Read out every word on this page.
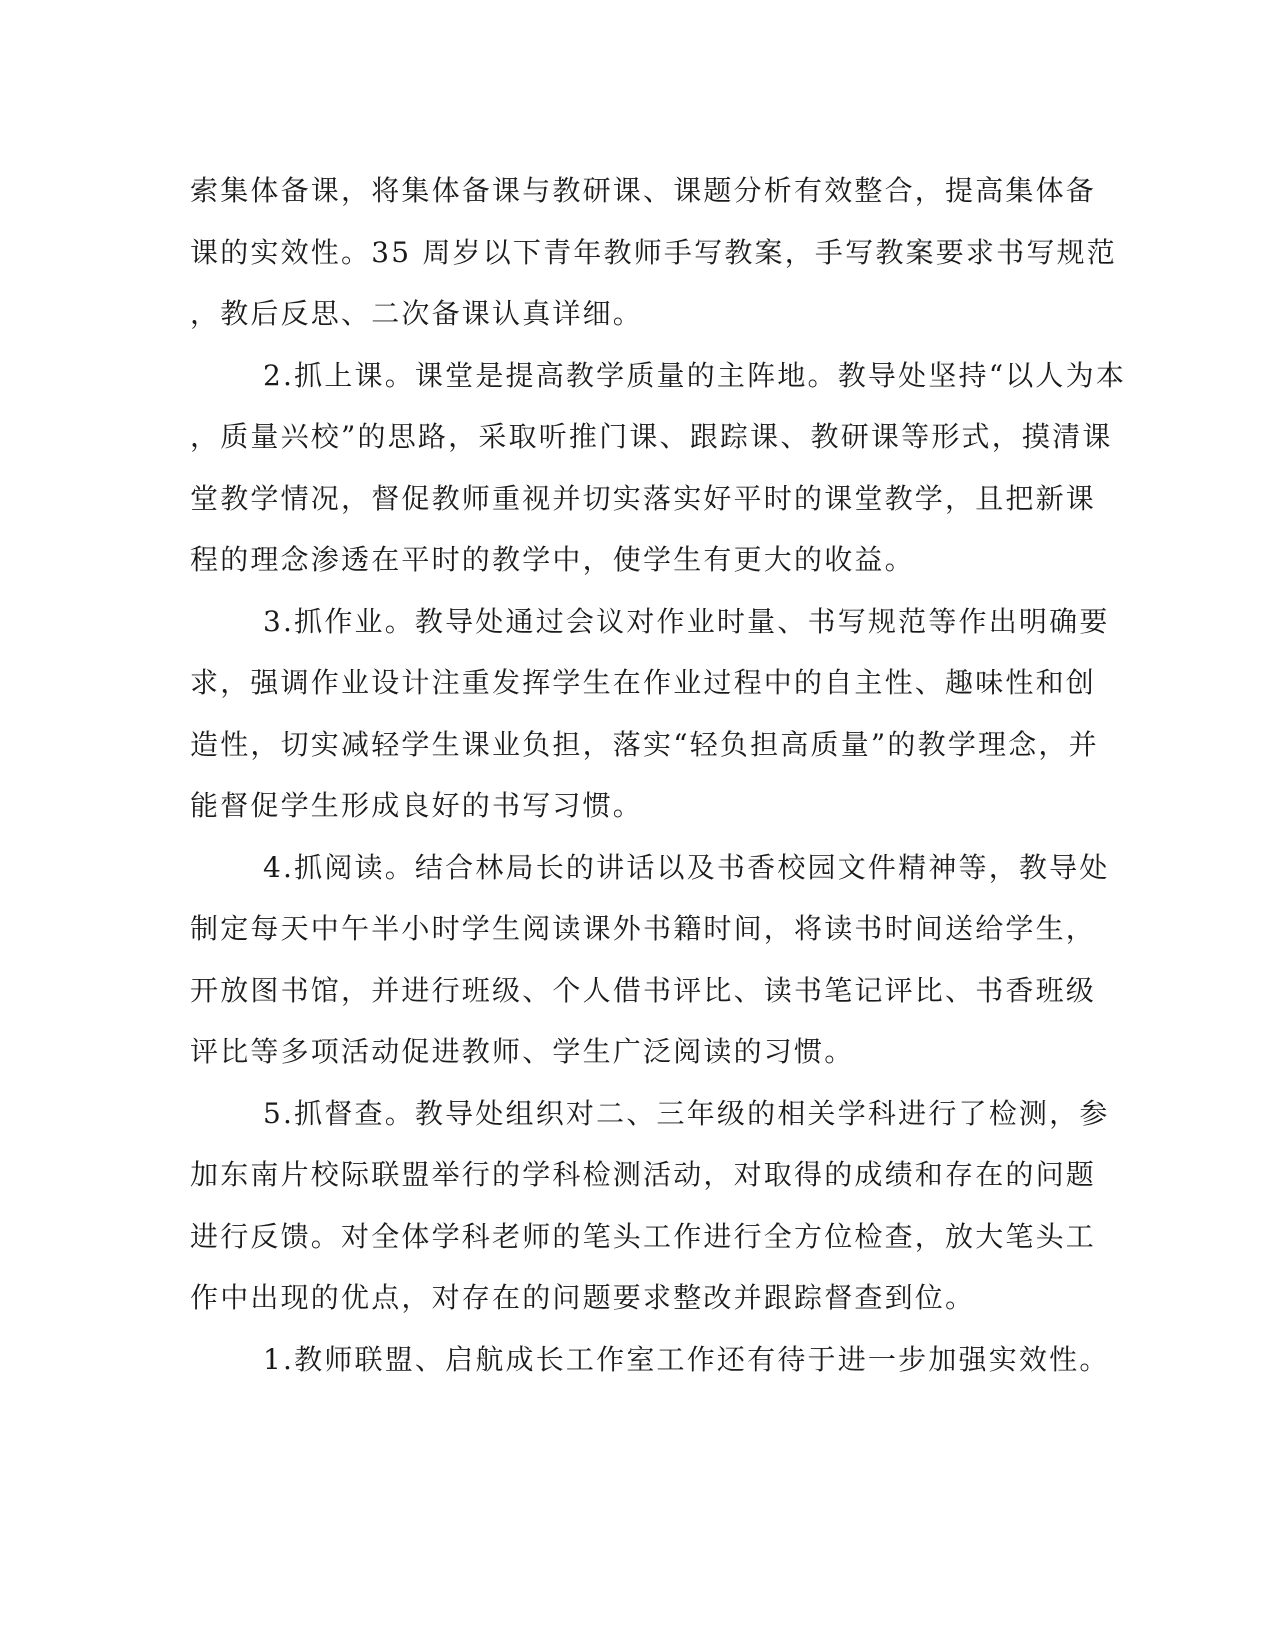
索集体备课，将集体备课与教研课、课题分析有效整合，提高集体备
课的实效性。35 周岁以下青年教师手写教案，手写教案要求书写规范
，教后反思、二次备课认真详细。
2.抓上课。课堂是提高教学质量的主阵地。教导处坚持“以人为本
，质量兴校”的思路，采取听推门课、跟踪课、教研课等形式，摸清课
堂教学情况，督促教师重视并切实落实好平时的课堂教学，且把新课
程的理念渗透在平时的教学中，使学生有更大的收益。
3.抓作业。教导处通过会议对作业时量、书写规范等作出明确要
求，强调作业设计注重发挥学生在作业过程中的自主性、趣味性和创
造性，切实减轻学生课业负担，落实“轻负担高质量”的教学理念，并
能督促学生形成良好的书写习惯。
4.抓阅读。结合林局长的讲话以及书香校园文件精神等，教导处
制定每天中午半小时学生阅读课外书籍时间，将读书时间送给学生，
开放图书馆，并进行班级、个人借书评比、读书笔记评比、书香班级
评比等多项活动促进教师、学生广泛阅读的习惯。
5.抓督查。教导处组织对二、三年级的相关学科进行了检测，参
加东南片校际联盟举行的学科检测活动，对取得的成绩和存在的问题
进行反馈。对全体学科老师的笔头工作进行全方位检查，放大笔头工
作中出现的优点，对存在的问题要求整改并跟踪督查到位。
1.教师联盟、启航成长工作室工作还有待于进一步加强实效性。
